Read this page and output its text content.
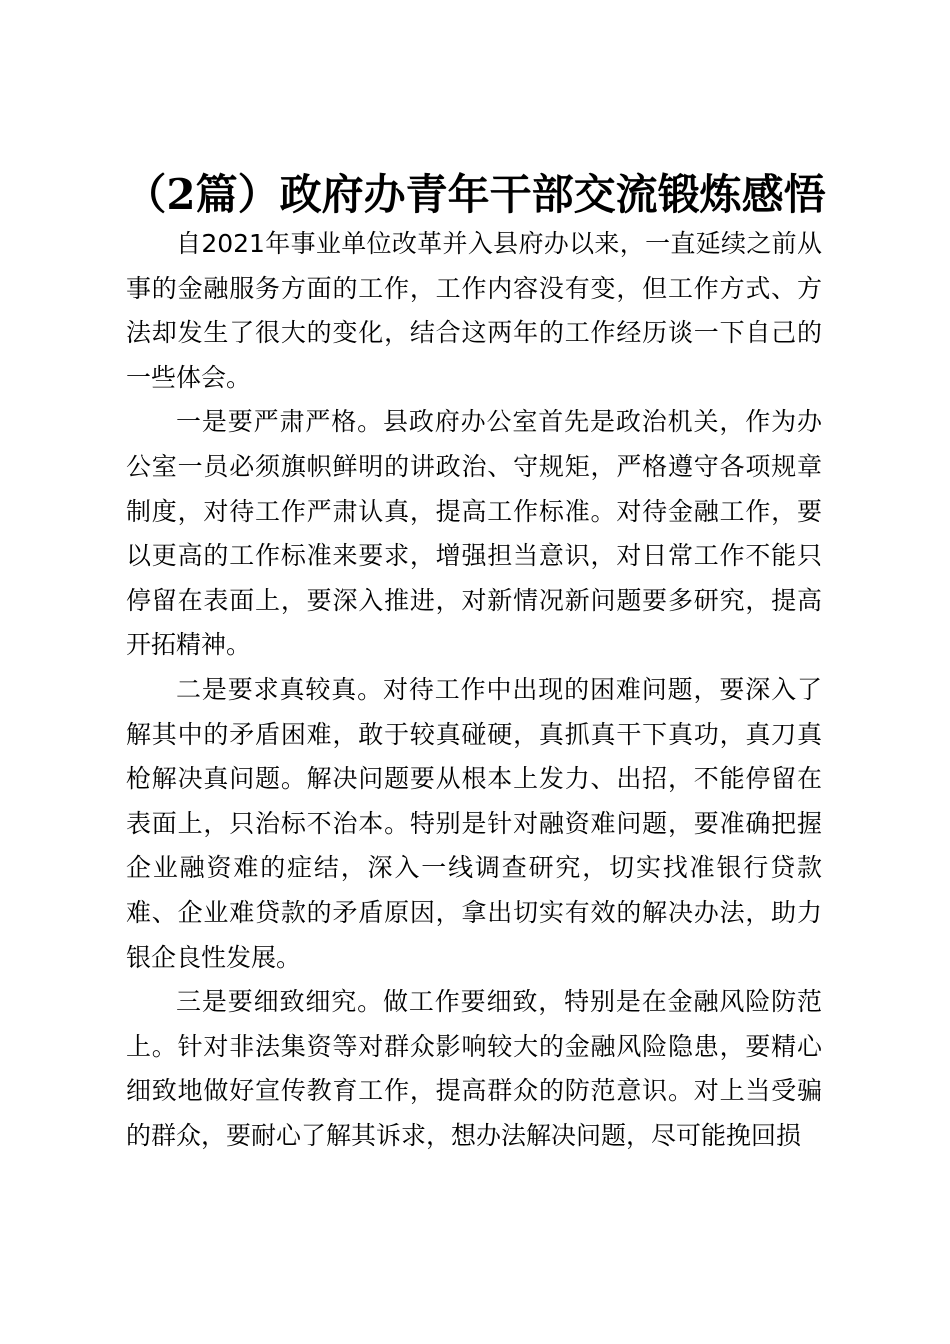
（2篇）政府办青年干部交流锻炼感悟

自2021年事业单位改革并入县府办以来，一直延续之前从事的金融服务方面的工作，工作内容没有变，但工作方式、方法却发生了很大的变化，结合这两年的工作经历谈一下自己的一些体会。

一是要严肃严格。县政府办公室首先是政治机关，作为办公室一员必须旗帜鲜明的讲政治、守规矩，严格遵守各项规章制度，对待工作严肃认真，提高工作标准。对待金融工作，要以更高的工作标准来要求，增强担当意识，对日常工作不能只停留在表面上，要深入推进，对新情况新问题要多研究，提高开拓精神。

二是要求真较真。对待工作中出现的困难问题，要深入了解其中的矛盾困难，敢于较真碰硬，真抓真干下真功，真刀真枪解决真问题。解决问题要从根本上发力、出招，不能停留在表面上，只治标不治本。特别是针对融资难问题，要准确把握企业融资难的症结，深入一线调查研究，切实找准银行贷款难、企业难贷款的矛盾原因，拿出切实有效的解决办法，助力银企良性发展。

三是要细致细究。做工作要细致，特别是在金融风险防范上。针对非法集资等对群众影响较大的金融风险隐患，要精心细致地做好宣传教育工作，提高群众的防范意识。对上当受骗的群众，要耐心了解其诉求，想办法解决问题，尽可能挽回损
